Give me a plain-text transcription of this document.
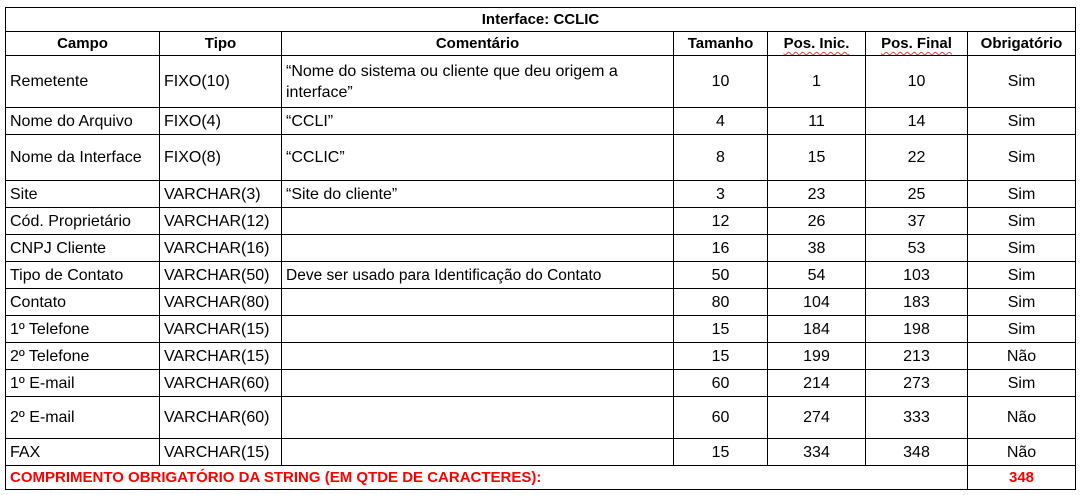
Interface: CCLIC						
Campo	Tipo	Comentário	Tamanho	Pos. Inic.	Pos. Final	Obrigatório
Remetente	FIXO(10)	“Nome do sistema ou cliente que deu origem a interface”	10	1	10	Sim
Nome do Arquivo	FIXO(4)	“CCLI”	4	11	14	Sim
Nome da Interface	FIXO(8)	“CCLIC”	8	15	22	Sim
Site	VARCHAR(3)	“Site do cliente”	3	23	25	Sim
Cód. Proprietário	VARCHAR(12)		12	26	37	Sim
CNPJ Cliente	VARCHAR(16)		16	38	53	Sim
Tipo de Contato	VARCHAR(50)	Deve ser usado para Identificação do Contato	50	54	103	Sim
Contato	VARCHAR(80)		80	104	183	Sim
1º Telefone	VARCHAR(15)		15	184	198	Sim
2º Telefone	VARCHAR(15)		15	199	213	Não
1º E-mail	VARCHAR(60)		60	214	273	Sim
2º E-mail	VARCHAR(60)		60	274	333	Não
FAX	VARCHAR(15)		15	334	348	Não
COMPRIMENTO OBRIGATÓRIO DA STRING (EM QTDE DE CARACTERES):						348
